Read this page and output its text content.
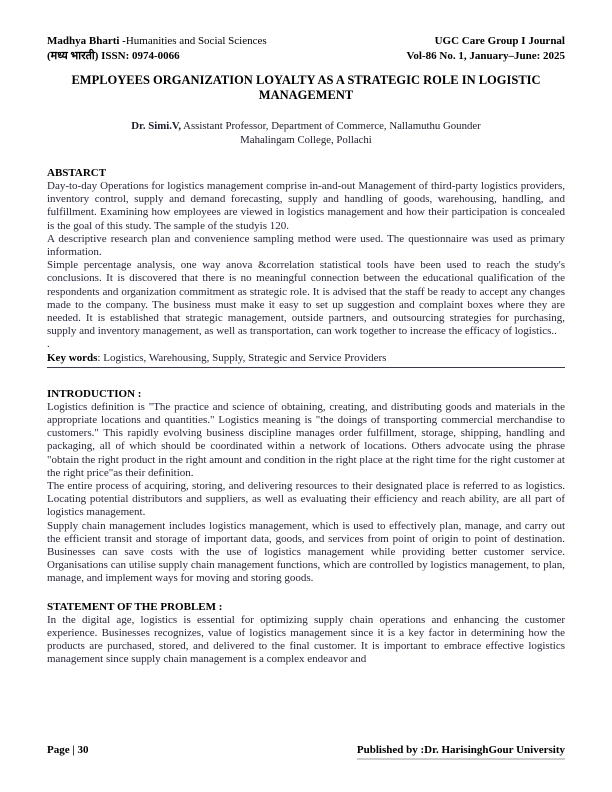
Madhya Bharti -Humanities and Social Sciences
(मध्य भारती) ISSN: 0974-0066
UGC Care Group I Journal
Vol-86 No. 1, January–June: 2025
EMPLOYEES ORGANIZATION LOYALTY AS A STRATEGIC ROLE IN LOGISTIC MANAGEMENT
Dr. Simi.V, Assistant Professor, Department of Commerce, Nallamuthu Gounder
Mahalingam College, Pollachi
ABSTARCT

Day-to-day Operations for logistics management comprise in-and-out Management of third-party logistics providers, inventory control, supply and demand forecasting, supply and handling of goods, warehousing, handling, and fulfillment. Examining how employees are viewed in logistics management and how their participation is concealed is the goal of this study. The sample of the studyis 120.

A descriptive research plan and convenience sampling method were used. The questionnaire was used as primary information.

Simple percentage analysis, one way anova &correlation statistical tools have been used to reach the study's conclusions. It is discovered that there is no meaningful connection between the educational qualification of the respondents and organization commitment as strategic role. It is advised that the staff be ready to accept any changes made to the company. The business must make it easy to set up suggestion and complaint boxes where they are needed. It is established that strategic management, outside partners, and outsourcing strategies for purchasing, supply and inventory management, as well as transportation, can work together to increase the efficacy of logistics..

.

Key words: Logistics, Warehousing, Supply, Strategic and Service Providers

INTRODUCTION :

Logistics definition is "The practice and science of obtaining, creating, and distributing goods and materials in the appropriate locations and quantities." Logistics meaning is "the doings of transporting commercial merchandise to customers." This rapidly evolving business discipline manages order fulfillment, storage, shipping, handling and packaging, all of which should be coordinated within a network of locations. Others advocate using the phrase "obtain the right product in the right amount and condition in the right place at the right time for the right customer at the right price"as their definition.

The entire process of acquiring, storing, and delivering resources to their designated place is referred to as logistics. Locating potential distributors and suppliers, as well as evaluating their efficiency and reach ability, are all part of logistics management.

Supply chain management includes logistics management, which is used to effectively plan, manage, and carry out the efficient transit and storage of important data, goods, and services from point of origin to point of destination. Businesses can save costs with the use of logistics management while providing better customer service. Organisations can utilise supply chain management functions, which are controlled by logistics management, to plan, manage, and implement ways for moving and storing goods.

STATEMENT OF THE PROBLEM :

In the digital age, logistics is essential for optimizing supply chain operations and enhancing the customer experience. Businesses recognizes, value of logistics management since it is a key factor in determining how the products are purchased, stored, and delivered to the final customer. It is important to embrace effective logistics management since supply chain management is a complex endeavor and

Page | 30	Published by :Dr. HarisinghGour University
